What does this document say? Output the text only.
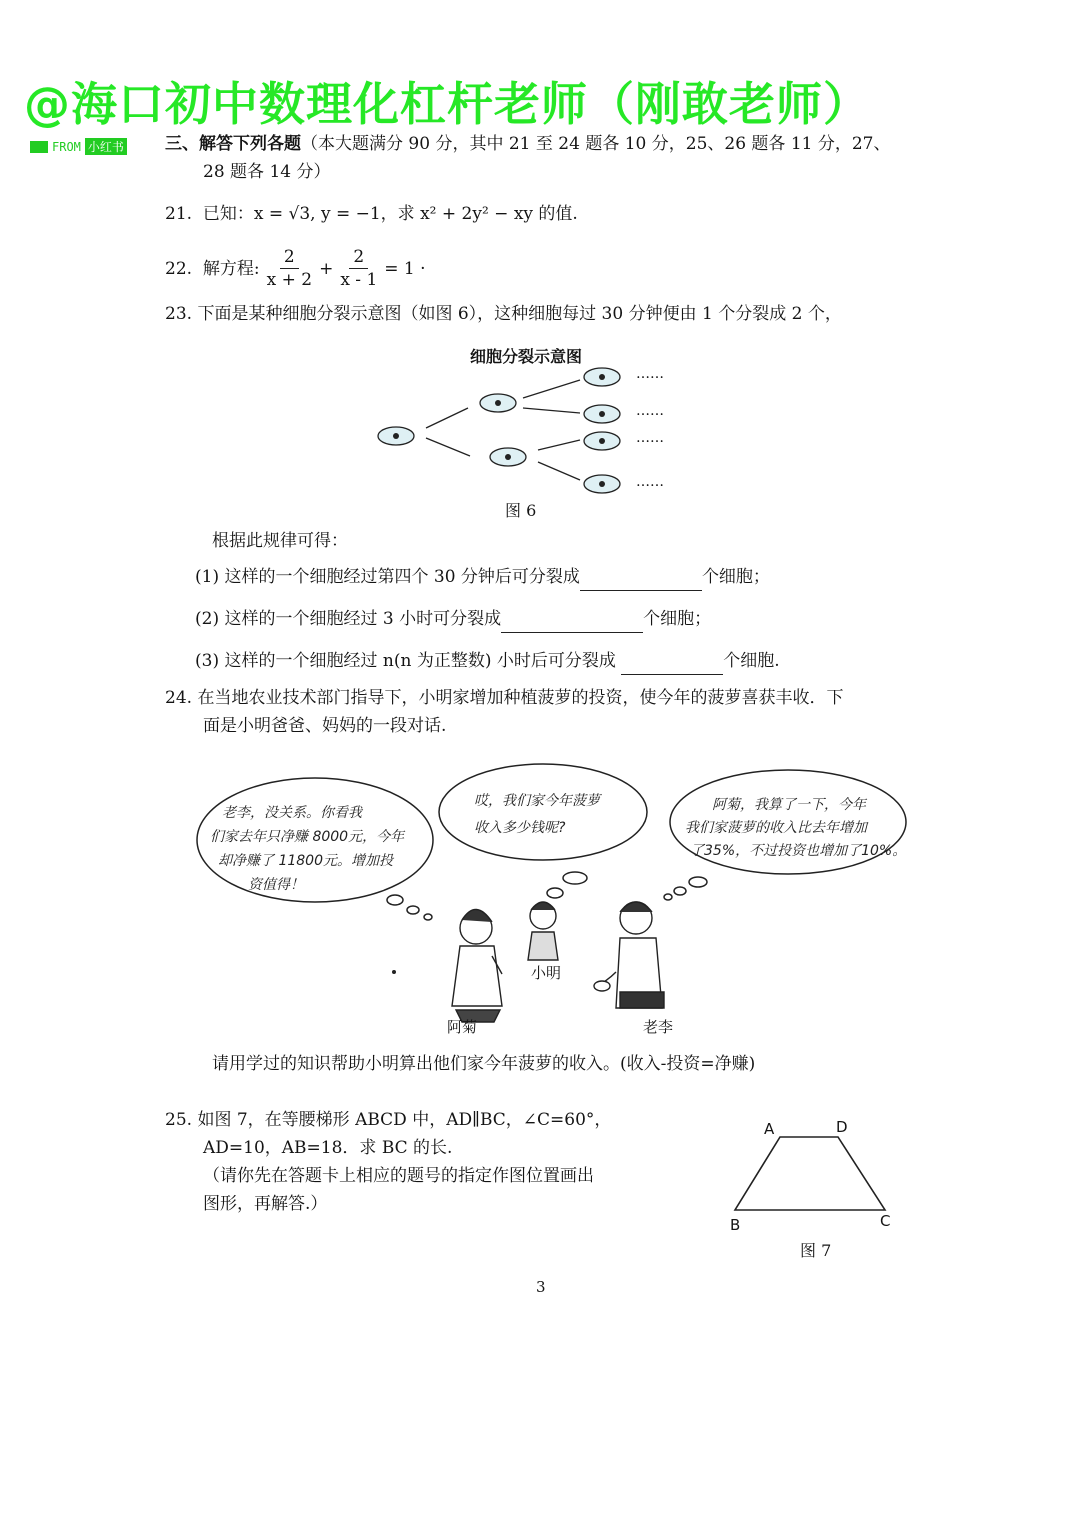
@海口初中数理化杠杆老师（刚敢老师）
FROM 小红书 三、解答下列各题（本大题满分 90 分，其中 21 至 24 题各 10 分，25、26 题各 11 分，27、
28 题各 14 分）
21. 已知：x = √3, y = −1，求 x² + 2y² − xy 的值.
22.
解方程: $\frac{2}{x + 2} + \frac{2}{x - 1} = 1$ ·
23. 下面是某种细胞分裂示意图（如图 6），这种细胞每过 30 分钟便由 1 个分裂成 2 个，
细胞分裂示意图
……
……
……
……
图 6
根据此规律可得：
(1) 这样的一个细胞经过第四个 30 分钟后可分裂成	个细胞；
(2) 这样的一个细胞经过 3 小时可分裂成	个细胞；
(3) 这样的一个细胞经过 n(n 为正整数) 小时后可分裂成	个细胞.
24. 在当地农业技术部门指导下，小明家增加种植菠萝的投资，使今年的菠萝喜获丰收．下
面是小明爸爸、妈妈的一段对话.
老李，没关系。你看我
们家去年只净赚 8000元，今年
却净赚了 11800元。增加投
资值得！
哎，我们家今年菠萝
收入多少钱呢?
阿菊，我算了一下，今年
我们家菠萝的收入比去年增加
了35%，不过投资也增加了10%。
阿菊
小明
老李
请用学过的知识帮助小明算出他们家今年菠萝的收入。(收入-投资=净赚)
25. 如图 7，在等腰梯形 ABCD 中，AD∥BC，∠C=60°，
AD=10，AB=18．求 BC 的长.
（请你先在答题卡上相应的题号的指定作图位置画出
图形，再解答.）
A	D
B	C
图 7
3
